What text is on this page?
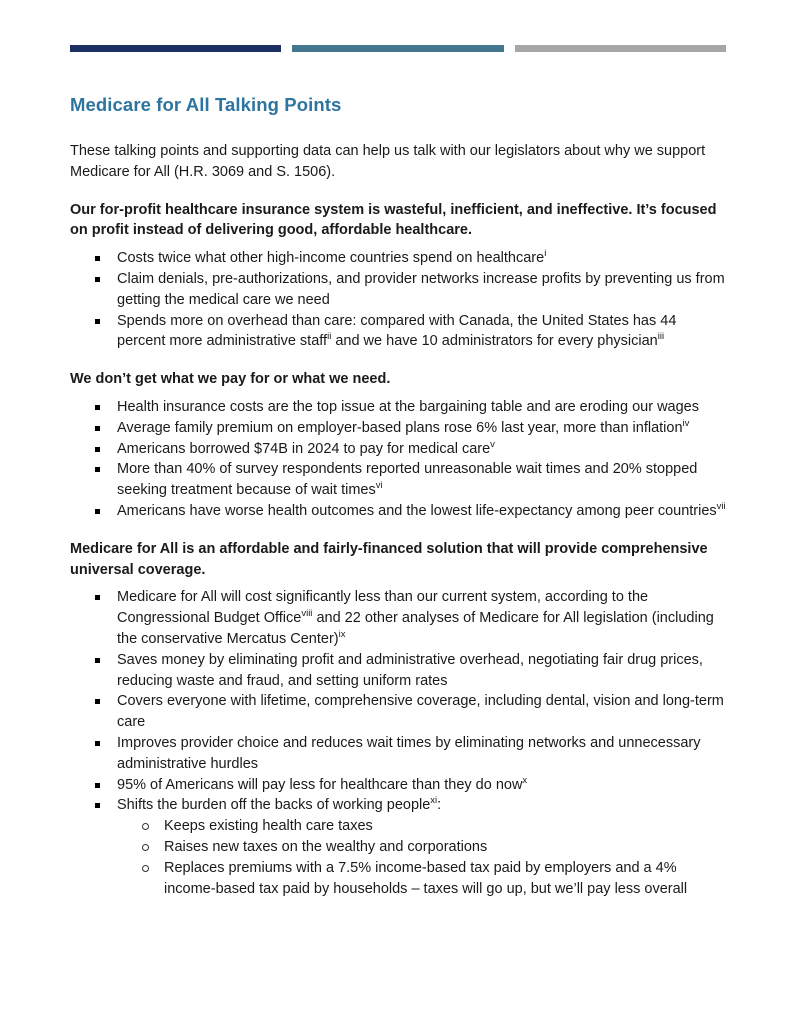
Medicare for All Talking Points

These talking points and supporting data can help us talk with our legislators about why we support Medicare for All (H.R. 3069 and S. 1506).

Our for-profit healthcare insurance system is wasteful, inefficient, and ineffective. It’s focused on profit instead of delivering good, affordable healthcare.
Costs twice what other high-income countries spend on healthcare$^i$
Claim denials, pre-authorizations, and provider networks increase profits by preventing us from getting the medical care we need
Spends more on overhead than care: compared with Canada, the United States has 44 percent more administrative staff$^{ii}$ and we have 10 administrators for every physician$^{iii}$
We don’t get what we pay for or what we need.
Health insurance costs are the top issue at the bargaining table and are eroding our wages
Average family premium on employer-based plans rose 6% last year, more than inflation$^{iv}$
Americans borrowed $74B in 2024 to pay for medical care$^v$
More than 40% of survey respondents reported unreasonable wait times and 20% stopped seeking treatment because of wait times$^{vi}$
Americans have worse health outcomes and the lowest life-expectancy among peer countries$^{vii}$
Medicare for All is an affordable and fairly-financed solution that will provide comprehensive universal coverage.
Medicare for All will cost significantly less than our current system, according to the Congressional Budget Office$^{viii}$ and 22 other analyses of Medicare for All legislation (including the conservative Mercatus Center)$^{ix}$
Saves money by eliminating profit and administrative overhead, negotiating fair drug prices, reducing waste and fraud, and setting uniform rates
Covers everyone with lifetime, comprehensive coverage, including dental, vision and long-term care
Improves provider choice and reduces wait times by eliminating networks and unnecessary administrative hurdles
95% of Americans will pay less for healthcare than they do now$^x$
Shifts the burden off the backs of working people$^{xi}$:
Keeps existing health care taxes
Raises new taxes on the wealthy and corporations
Replaces premiums with a 7.5% income-based tax paid by employers and a 4% income-based tax paid by households – taxes will go up, but we’ll pay less overall
